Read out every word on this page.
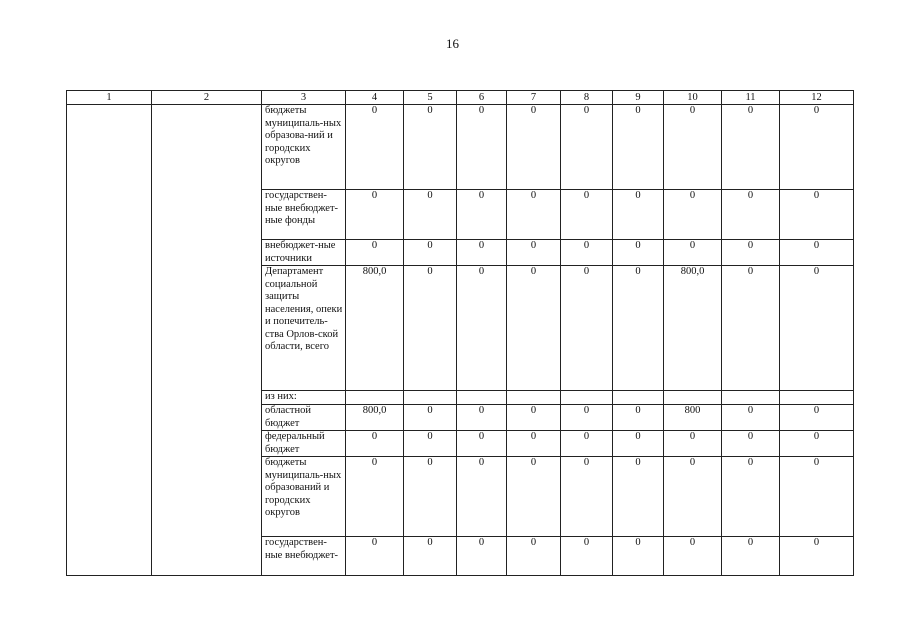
16
1	2	3	4	5	6	7	8	9	10	11	12
		бюджеты муниципаль-ных образова-ний и городских округов	0	0	0	0	0	0	0	0	0
		государствен-ные внебюджет-ные фонды	0	0	0	0	0	0	0	0	0
		внебюджет-ные источники	0	0	0	0	0	0	0	0	0
		Департамент социальной защиты населения, опеки и попечитель-ства Орлов-ской области, всего	800,0	0	0	0	0	0	800,0	0	0
		из них:									
		областной бюджет	800,0	0	0	0	0	0	800	0	0
		федеральный бюджет	0	0	0	0	0	0	0	0	0
		бюджеты муниципаль-ных образований и городских округов	0	0	0	0	0	0	0	0	0
		государствен-ные внебюджет-	0	0	0	0	0	0	0	0	0
